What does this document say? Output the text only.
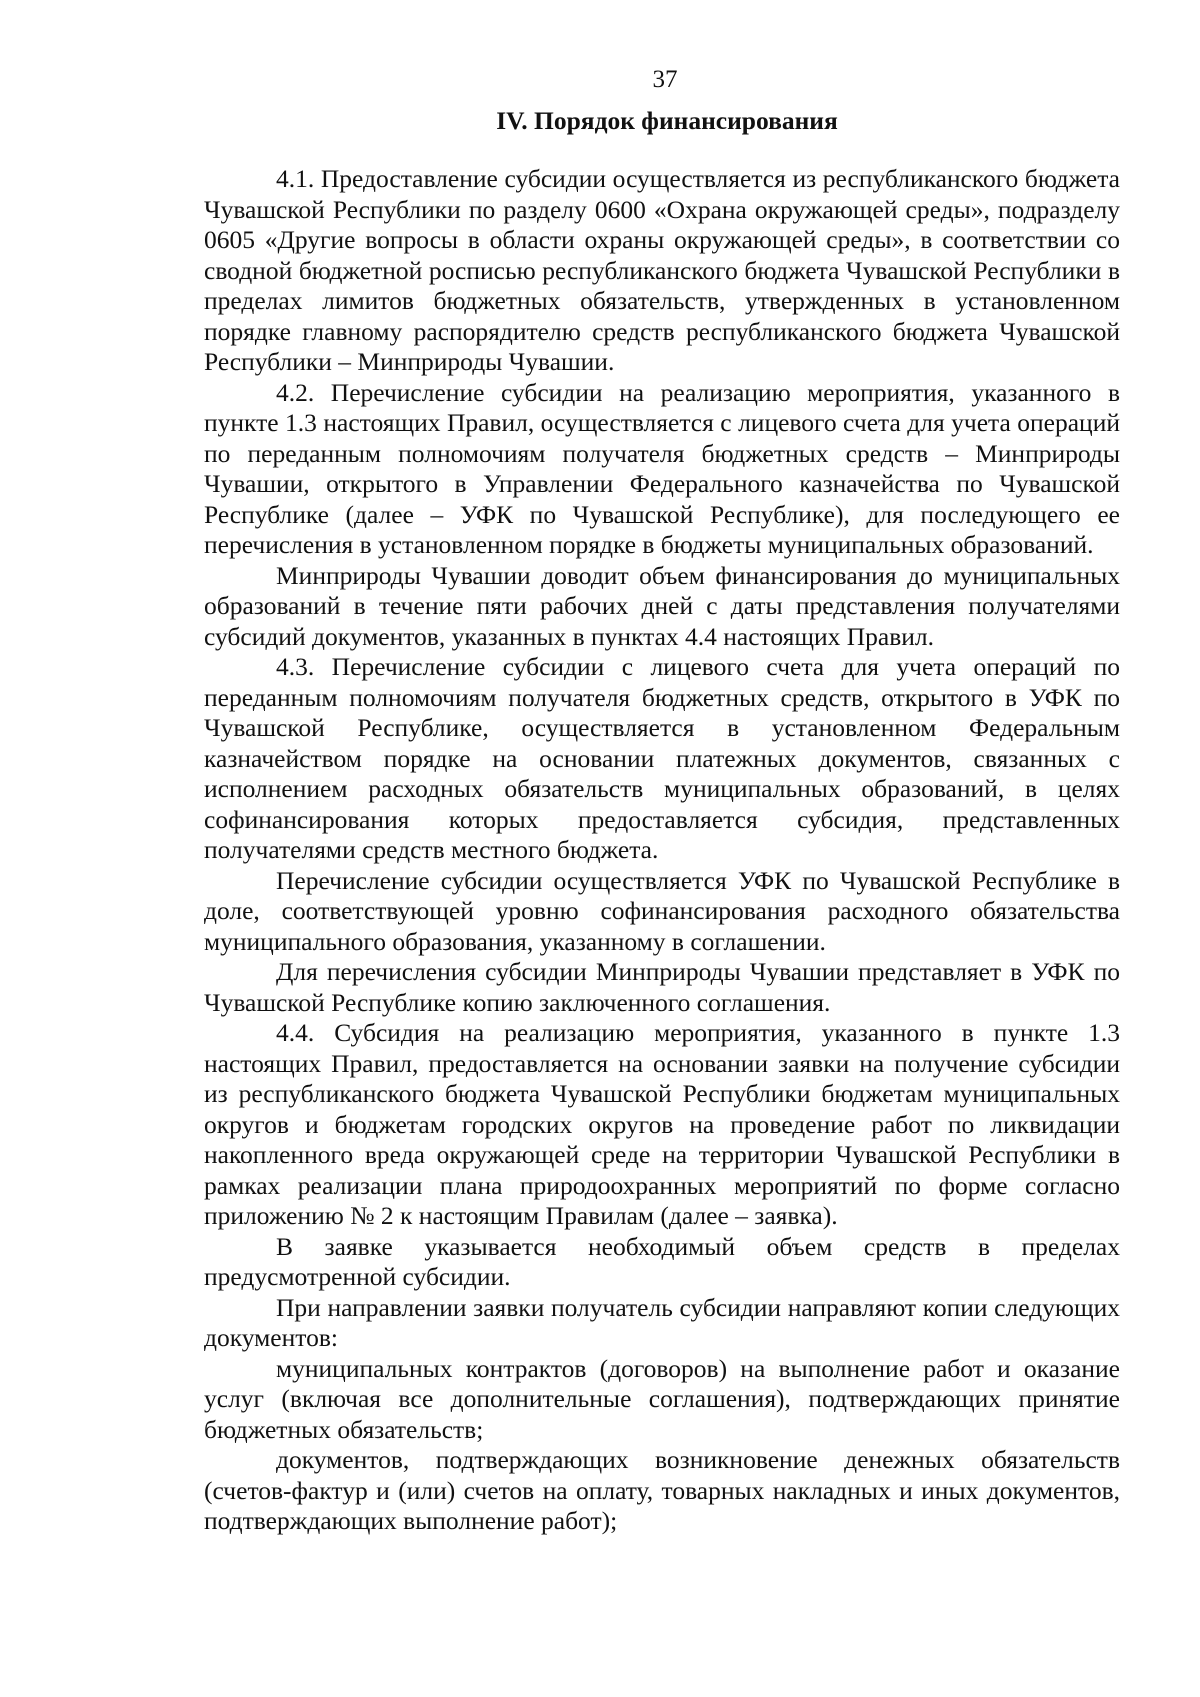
37
IV. Порядок финансирования

4.1. Предоставление субсидии осуществляется из республиканского бюджета Чувашской Республики по разделу 0600 «Охрана окружающей среды», подразделу 0605 «Другие вопросы в области охраны окружающей среды», в соответствии со сводной бюджетной росписью республиканского бюджета Чувашской Республики в пределах лимитов бюджетных обязательств, утвержденных в установленном порядке главному распорядителю средств республиканского бюджета Чувашской Республики – Минприроды Чувашии.

4.2. Перечисление субсидии на реализацию мероприятия, указанного в пункте 1.3 настоящих Правил, осуществляется с лицевого счета для учета операций по переданным полномочиям получателя бюджетных средств – Минприроды Чувашии, открытого в Управлении Федерального казначейства по Чувашской Республике (далее – УФК по Чувашской Республике), для последующего ее перечисления в установленном порядке в бюджеты муниципальных образований.

Минприроды Чувашии доводит объем финансирования до муниципальных образований в течение пяти рабочих дней с даты представления получателями субсидий документов, указанных в пунктах 4.4 настоящих Правил.

4.3. Перечисление субсидии с лицевого счета для учета операций по переданным полномочиям получателя бюджетных средств, открытого в УФК по Чувашской Республике, осуществляется в установленном Федеральным казначейством порядке на основании платежных документов, связанных с исполнением расходных обязательств муниципальных образований, в целях софинансирования которых предоставляется субсидия, представленных получателями средств местного бюджета.

Перечисление субсидии осуществляется УФК по Чувашской Республике в доле, соответствующей уровню софинансирования расходного обязательства муниципального образования, указанному в соглашении.

Для перечисления субсидии Минприроды Чувашии представляет в УФК по Чувашской Республике копию заключенного соглашения.

4.4. Субсидия на реализацию мероприятия, указанного в пункте 1.3 настоящих Правил, предоставляется на основании заявки на получение субсидии из республиканского бюджета Чувашской Республики бюджетам муниципальных округов и бюджетам городских округов на проведение работ по ликвидации накопленного вреда окружающей среде на территории Чувашской Республики в рамках реализации плана природоохранных мероприятий по форме согласно приложению № 2 к настоящим Правилам (далее – заявка).

В заявке указывается необходимый объем средств в пределах предусмотренной субсидии.

При направлении заявки получатель субсидии направляют копии следующих документов:

муниципальных контрактов (договоров) на выполнение работ и оказание услуг (включая все дополнительные соглашения), подтверждающих принятие бюджетных обязательств;

документов, подтверждающих возникновение денежных обязательств (счетов-фактур и (или) счетов на оплату, товарных накладных и иных документов, подтверждающих выполнение работ);
